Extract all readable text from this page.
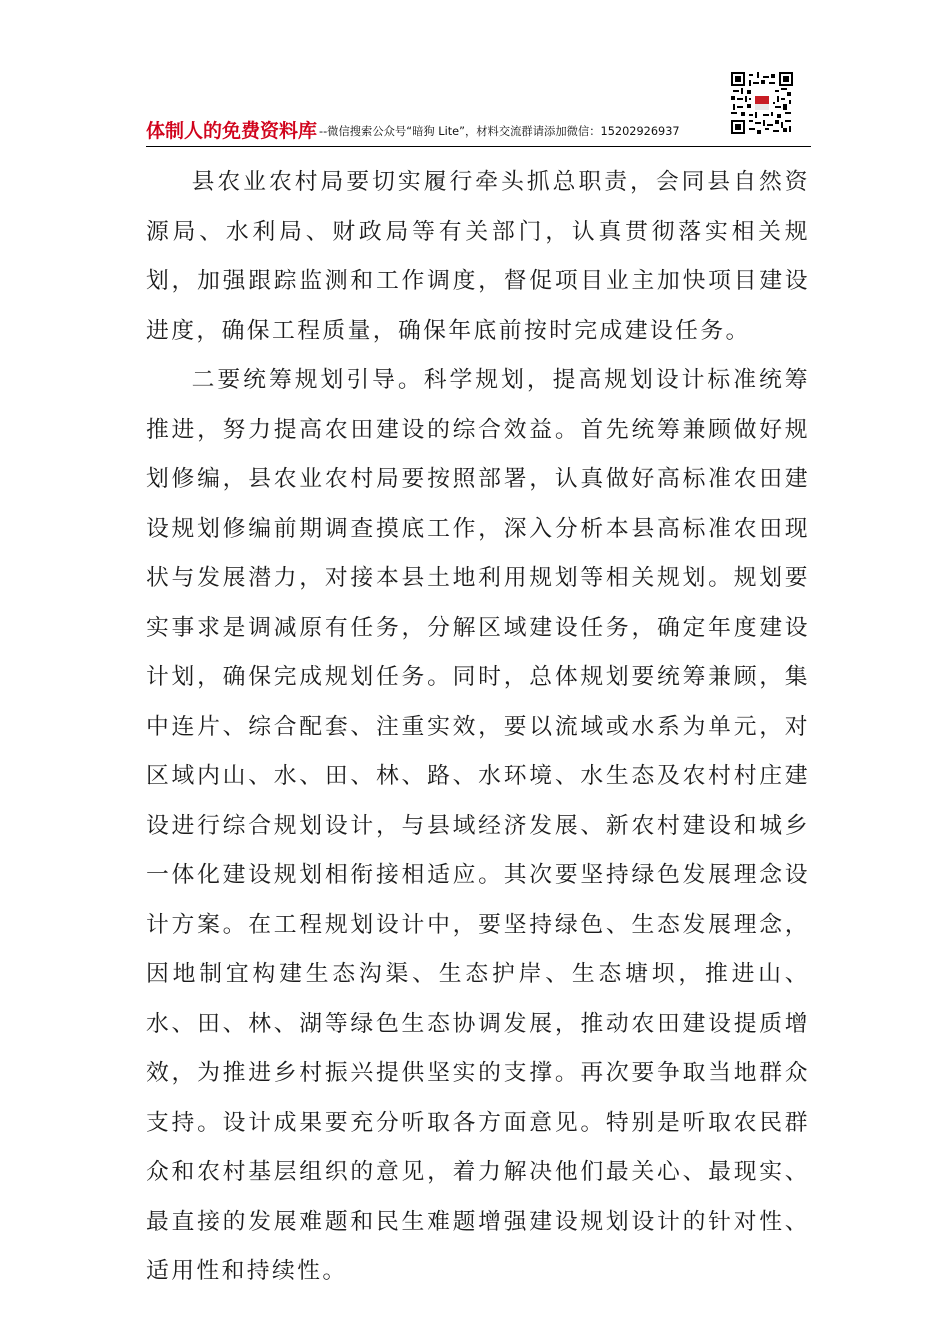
体制人的免费资料库 --微信搜索公众号“暗狗 Lite”，材料交流群请添加微信：15202926937

县农业农村局要切实履行牵头抓总职责，会同县自然资源局、水利局、财政局等有关部门，认真贯彻落实相关规划，加强跟踪监测和工作调度，督促项目业主加快项目建设进度，确保工程质量，确保年底前按时完成建设任务。

二要统筹规划引导。科学规划，提高规划设计标准统筹推进，努力提高农田建设的综合效益。首先统筹兼顾做好规划修编，县农业农村局要按照部署，认真做好高标准农田建设规划修编前期调查摸底工作，深入分析本县高标准农田现状与发展潜力，对接本县土地利用规划等相关规划。规划要实事求是调减原有任务，分解区域建设任务，确定年度建设计划，确保完成规划任务。同时，总体规划要统筹兼顾，集中连片、综合配套、注重实效，要以流域或水系为单元，对区域内山、水、田、林、路、水环境、水生态及农村村庄建设进行综合规划设计，与县域经济发展、新农村建设和城乡一体化建设规划相衔接相适应。其次要坚持绿色发展理念设计方案。在工程规划设计中，要坚持绿色、生态发展理念，因地制宜构建生态沟渠、生态护岸、生态塘坝，推进山、水、田、林、湖等绿色生态协调发展，推动农田建设提质增效，为推进乡村振兴提供坚实的支撑。再次要争取当地群众支持。设计成果要充分听取各方面意见。特别是听取农民群众和农村基层组织的意见，着力解决他们最关心、最现实、最直接的发展难题和民生难题增强建设规划设计的针对性、适用性和持续性。
